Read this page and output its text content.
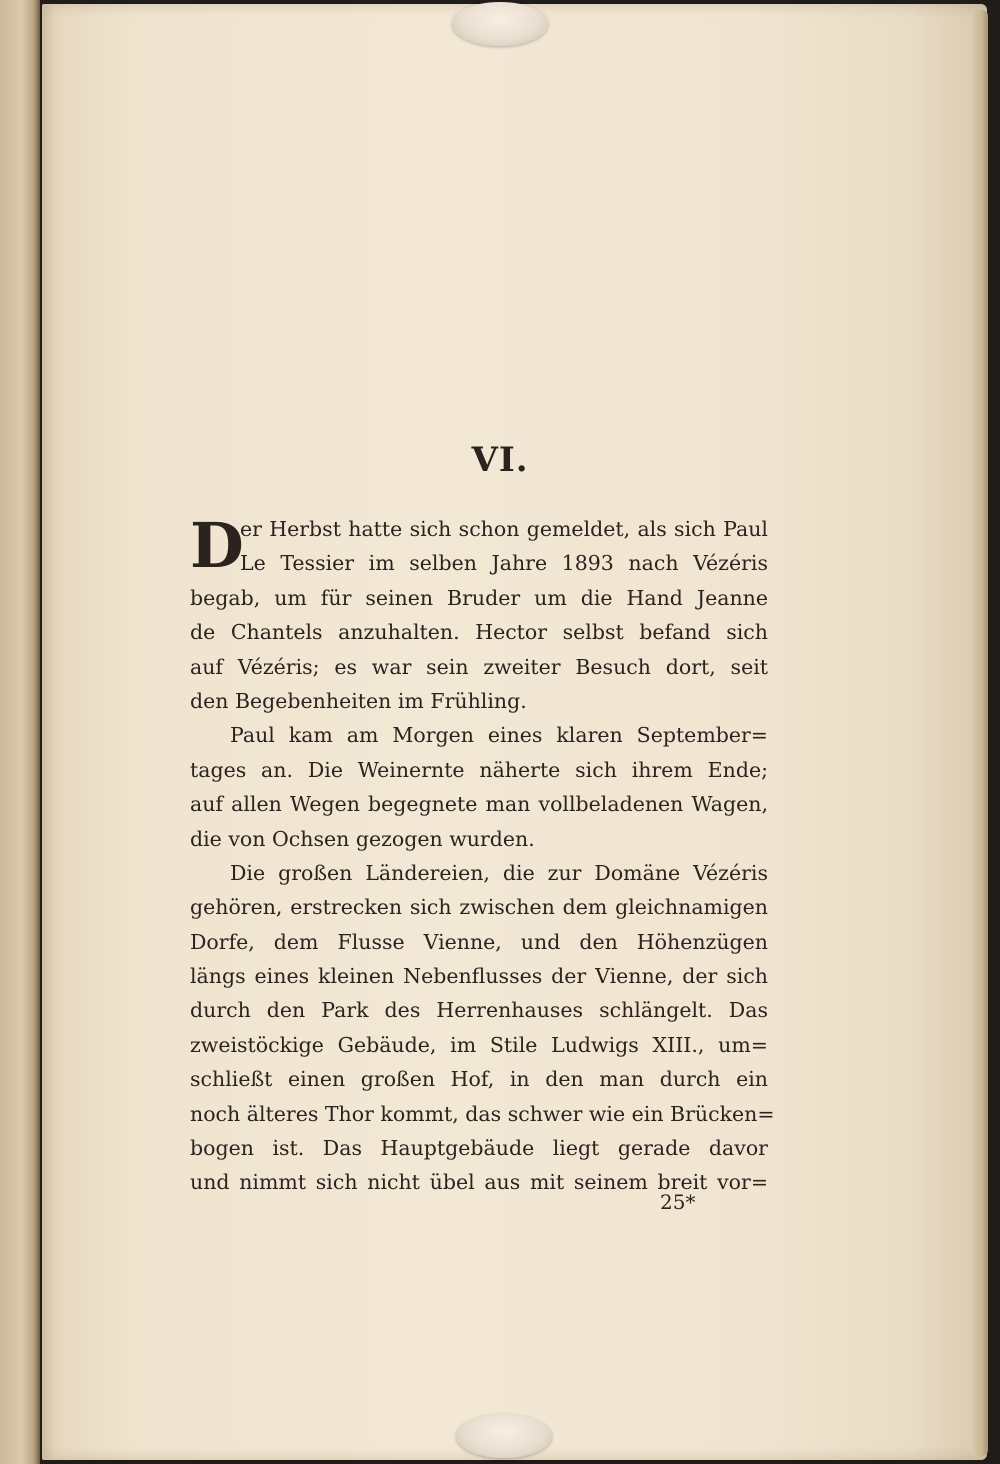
VI.
D
er Herbst hatte sich schon gemeldet, als sich Paul
Le Tessier im selben Jahre 1893 nach Vézéris
begab, um für seinen Bruder um die Hand Jeanne
de Chantels anzuhalten. Hector selbst befand sich
auf Vézéris; es war sein zweiter Besuch dort, seit
den Begebenheiten im Frühling.
Paul kam am Morgen eines klaren September=
tages an. Die Weinernte näherte sich ihrem Ende;
auf allen Wegen begegnete man vollbeladenen Wagen,
die von Ochsen gezogen wurden.
Die großen Ländereien, die zur Domäne Vézéris
gehören, erstrecken sich zwischen dem gleichnamigen
Dorfe, dem Flusse Vienne, und den Höhenzügen
längs eines kleinen Nebenflusses der Vienne, der sich
durch den Park des Herrenhauses schlängelt. Das
zweistöckige Gebäude, im Stile Ludwigs XIII., um=
schließt einen großen Hof, in den man durch ein
noch älteres Thor kommt, das schwer wie ein Brücken=
bogen ist. Das Hauptgebäude liegt gerade davor
und nimmt sich nicht übel aus mit seinem breit vor=
25*
